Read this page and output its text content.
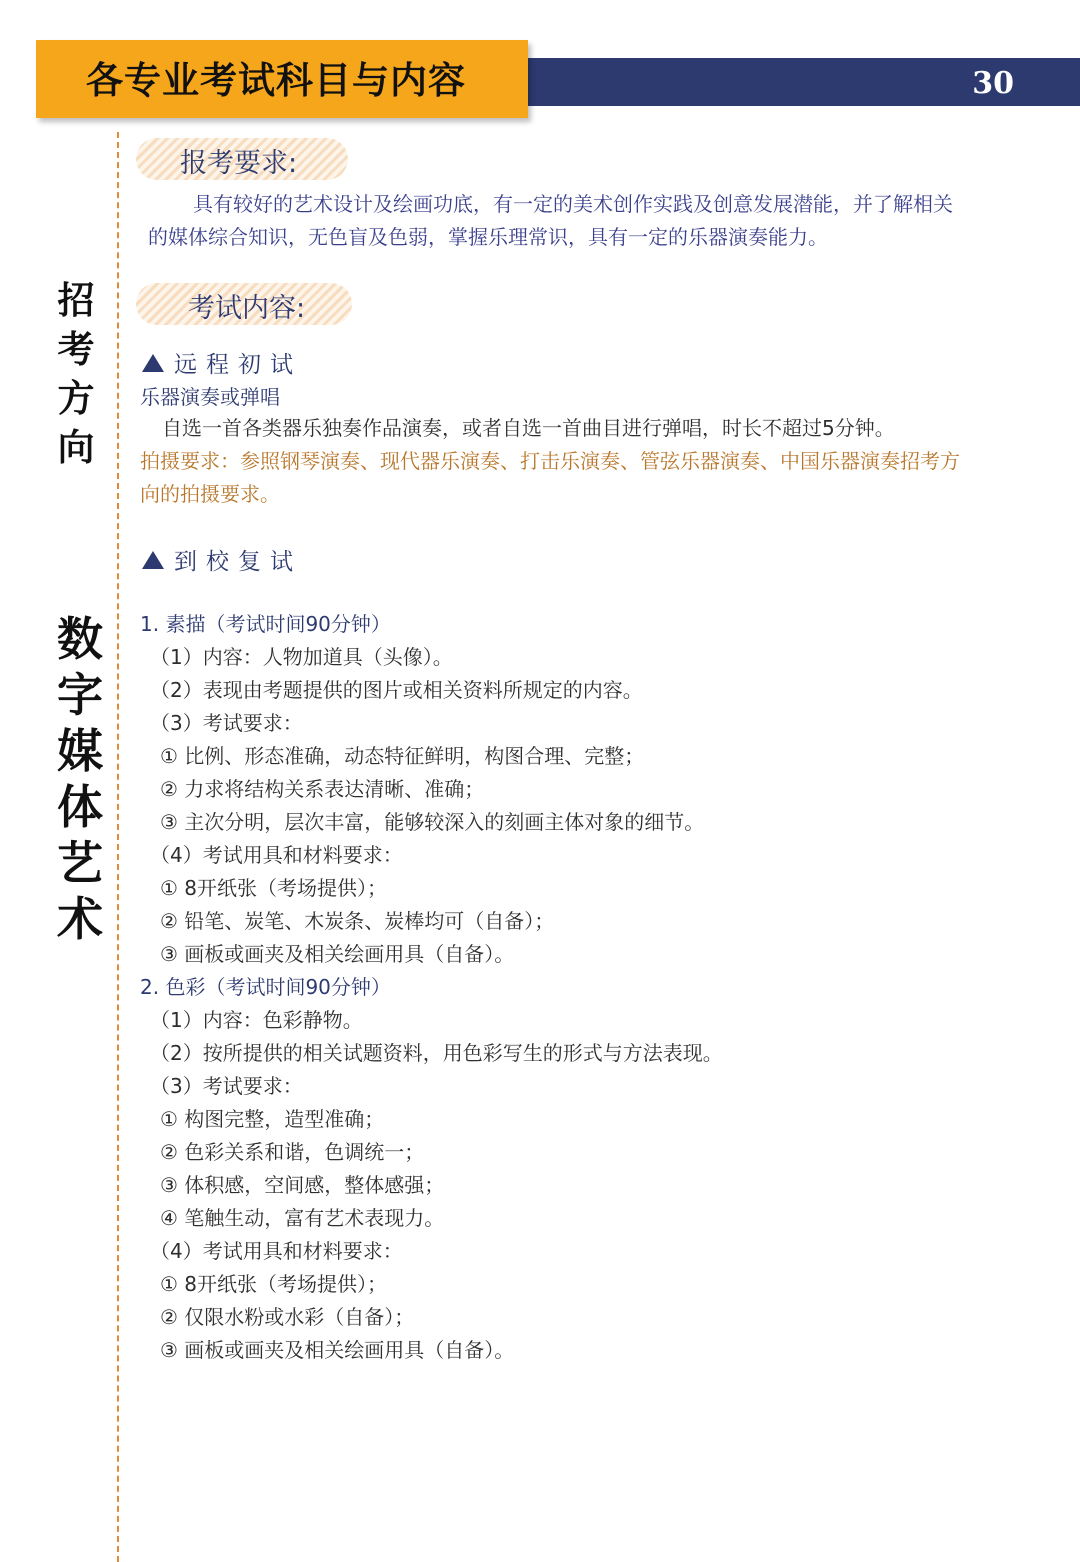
30
各专业考试科目与内容
招
考
方
向
数
字
媒
体
艺
术
报考要求:
具有较好的艺术设计及绘画功底，有一定的美术创作实践及创意发展潜能，并了解相关
的媒体综合知识，无色盲及色弱，掌握乐理常识，具有一定的乐器演奏能力。
考试内容:
远程初试
乐器演奏或弹唱
自选一首各类器乐独奏作品演奏，或者自选一首曲目进行弹唱，时长不超过5分钟。
拍摄要求：参照钢琴演奏、现代器乐演奏、打击乐演奏、管弦乐器演奏、中国乐器演奏招考方
向的拍摄要求。
到校复试
1. 素描（考试时间90分钟）
（1）内容：人物加道具（头像）。
（2）表现由考题提供的图片或相关资料所规定的内容。
（3）考试要求：
① 比例、形态准确，动态特征鲜明，构图合理、完整；
② 力求将结构关系表达清晰、准确；
③ 主次分明，层次丰富，能够较深入的刻画主体对象的细节。
（4）考试用具和材料要求：
① 8开纸张（考场提供）；
② 铅笔、炭笔、木炭条、炭棒均可（自备）；
③ 画板或画夹及相关绘画用具（自备）。
2. 色彩（考试时间90分钟）
（1）内容：色彩静物。
（2）按所提供的相关试题资料，用色彩写生的形式与方法表现。
（3）考试要求：
① 构图完整，造型准确；
② 色彩关系和谐，色调统一；
③ 体积感，空间感，整体感强；
④ 笔触生动，富有艺术表现力。
（4）考试用具和材料要求：
① 8开纸张（考场提供）；
② 仅限水粉或水彩（自备）；
③ 画板或画夹及相关绘画用具（自备）。
